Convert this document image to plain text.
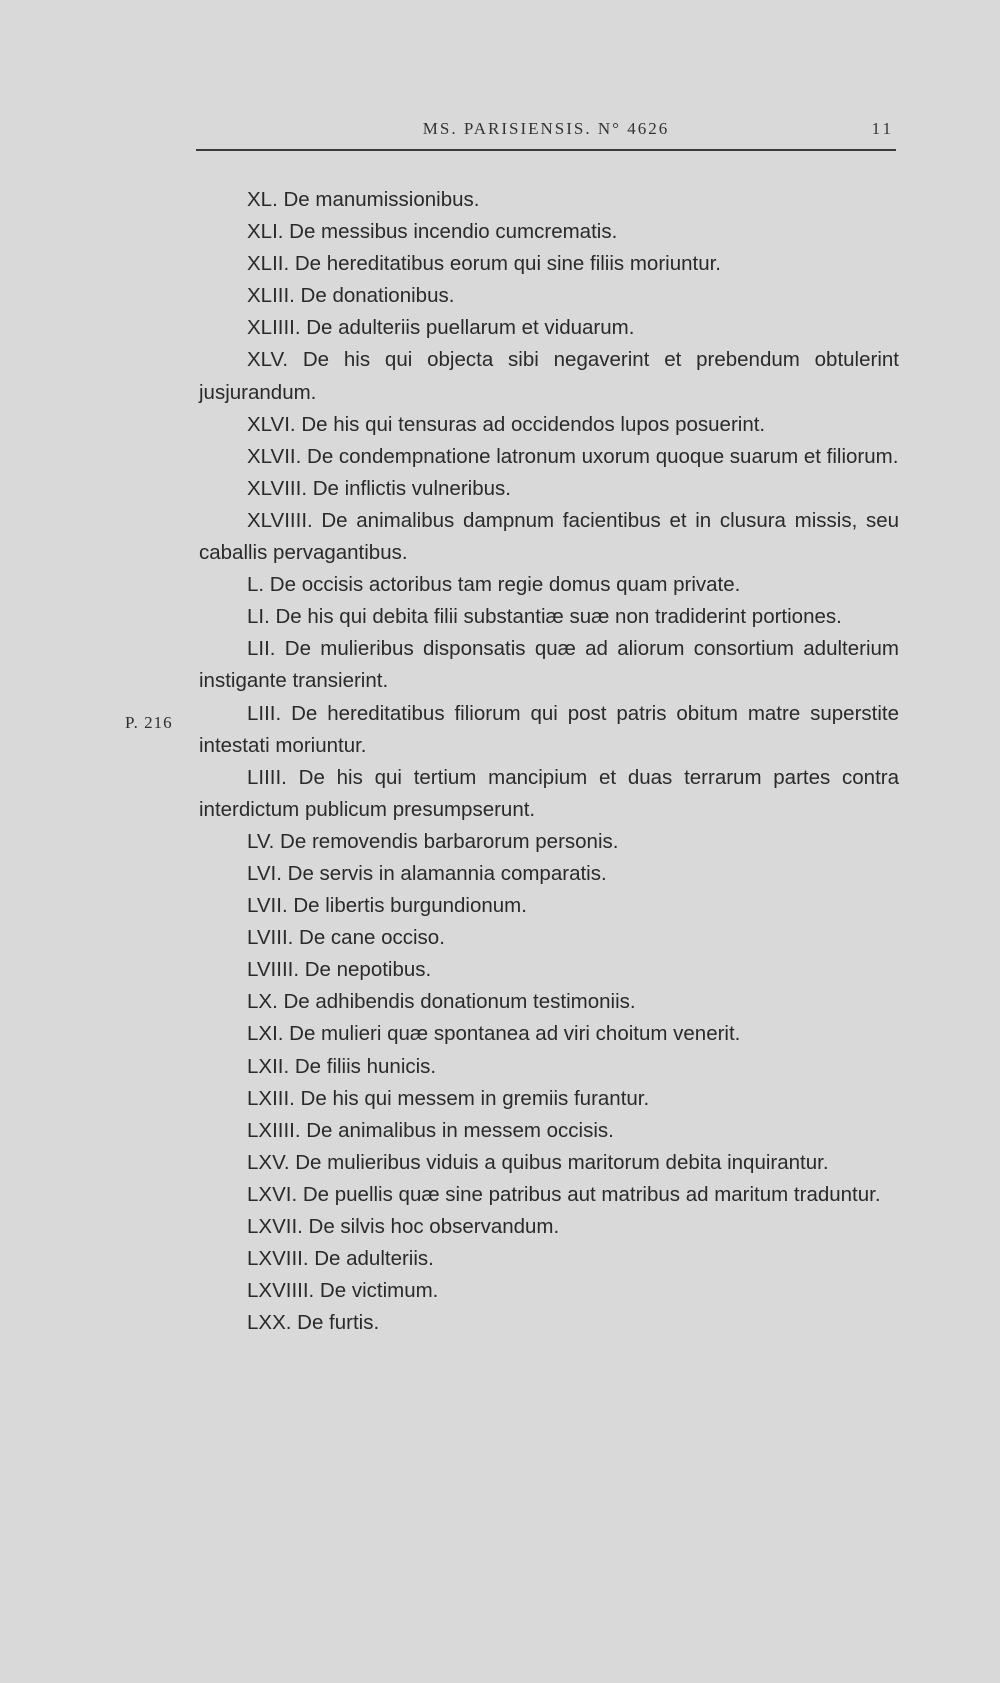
MS. PARISIENSIS. N° 4626	11
P. 216

XL. De manumissionibus.

XLI. De messibus incendio cumcrematis.

XLII. De hereditatibus eorum qui sine filiis moriuntur.

XLIII. De donationibus.

XLIIII. De adulteriis puellarum et viduarum.

XLV. De his qui objecta sibi negaverint et prebendum obtulerint jusjurandum.

XLVI. De his qui tensuras ad occidendos lupos posuerint.

XLVII. De condempnatione latronum uxorum quoque suarum et filiorum.

XLVIII. De inflictis vulneribus.

XLVIIII. De animalibus dampnum facientibus et in clusura missis, seu caballis pervagantibus.

L. De occisis actoribus tam regie domus quam private.

LI. De his qui debita filii substantiæ suæ non tradiderint portiones.

LII. De mulieribus disponsatis quæ ad aliorum consortium adulterium instigante transierint.

LIII. De hereditatibus filiorum qui post patris obitum matre superstite intestati moriuntur.

LIIII. De his qui tertium mancipium et duas terrarum partes contra interdictum publicum presumpserunt.

LV. De removendis barbarorum personis.

LVI. De servis in alamannia comparatis.

LVII. De libertis burgundionum.

LVIII. De cane occiso.

LVIIII. De nepotibus.

LX. De adhibendis donationum testimoniis.

LXI. De mulieri quæ spontanea ad viri choitum venerit.

LXII. De filiis hunicis.

LXIII. De his qui messem in gremiis furantur.

LXIIII. De animalibus in messem occisis.

LXV. De mulieribus viduis a quibus maritorum debita inquirantur.

LXVI. De puellis quæ sine patribus aut matribus ad maritum traduntur.

LXVII. De silvis hoc observandum.

LXVIII. De adulteriis.

LXVIIII. De victimum.

LXX. De furtis.
